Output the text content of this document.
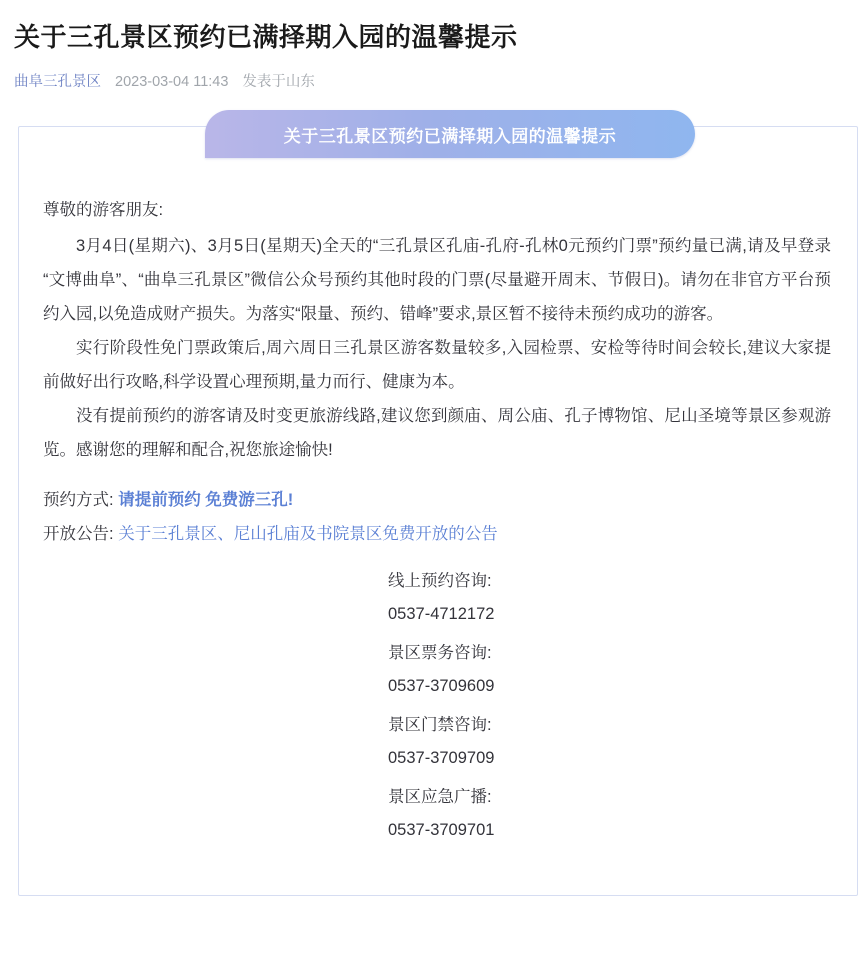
关于三孔景区预约已满择期入园的温馨提示
曲阜三孔景区 2023-03-04 11:43 发表于山东
关于三孔景区预约已满择期入园的温馨提示

尊敬的游客朋友:

3月4日(星期六)、3月5日(星期天)全天的“三孔景区孔庙-孔府-孔林0元预约门票”预约量已满,请及早登录“文博曲阜”、“曲阜三孔景区”微信公众号预约其他时段的门票(尽量避开周末、节假日)。请勿在非官方平台预约入园,以免造成财产损失。为落实“限量、预约、错峰”要求,景区暂不接待未预约成功的游客。

实行阶段性免门票政策后,周六周日三孔景区游客数量较多,入园检票、安检等待时间会较长,建议大家提前做好出行攻略,科学设置心理预期,量力而行、健康为本。

没有提前预约的游客请及时变更旅游线路,建议您到颜庙、周公庙、孔子博物馆、尼山圣境等景区参观游览。感谢您的理解和配合,祝您旅途愉快!

预约方式: 请提前预约 免费游三孔!

开放公告: 关于三孔景区、尼山孔庙及书院景区免费开放的公告

线上预约咨询:

0537-4712172

景区票务咨询:

0537-3709609

景区门禁咨询:

0537-3709709

景区应急广播:

0537-3709701
